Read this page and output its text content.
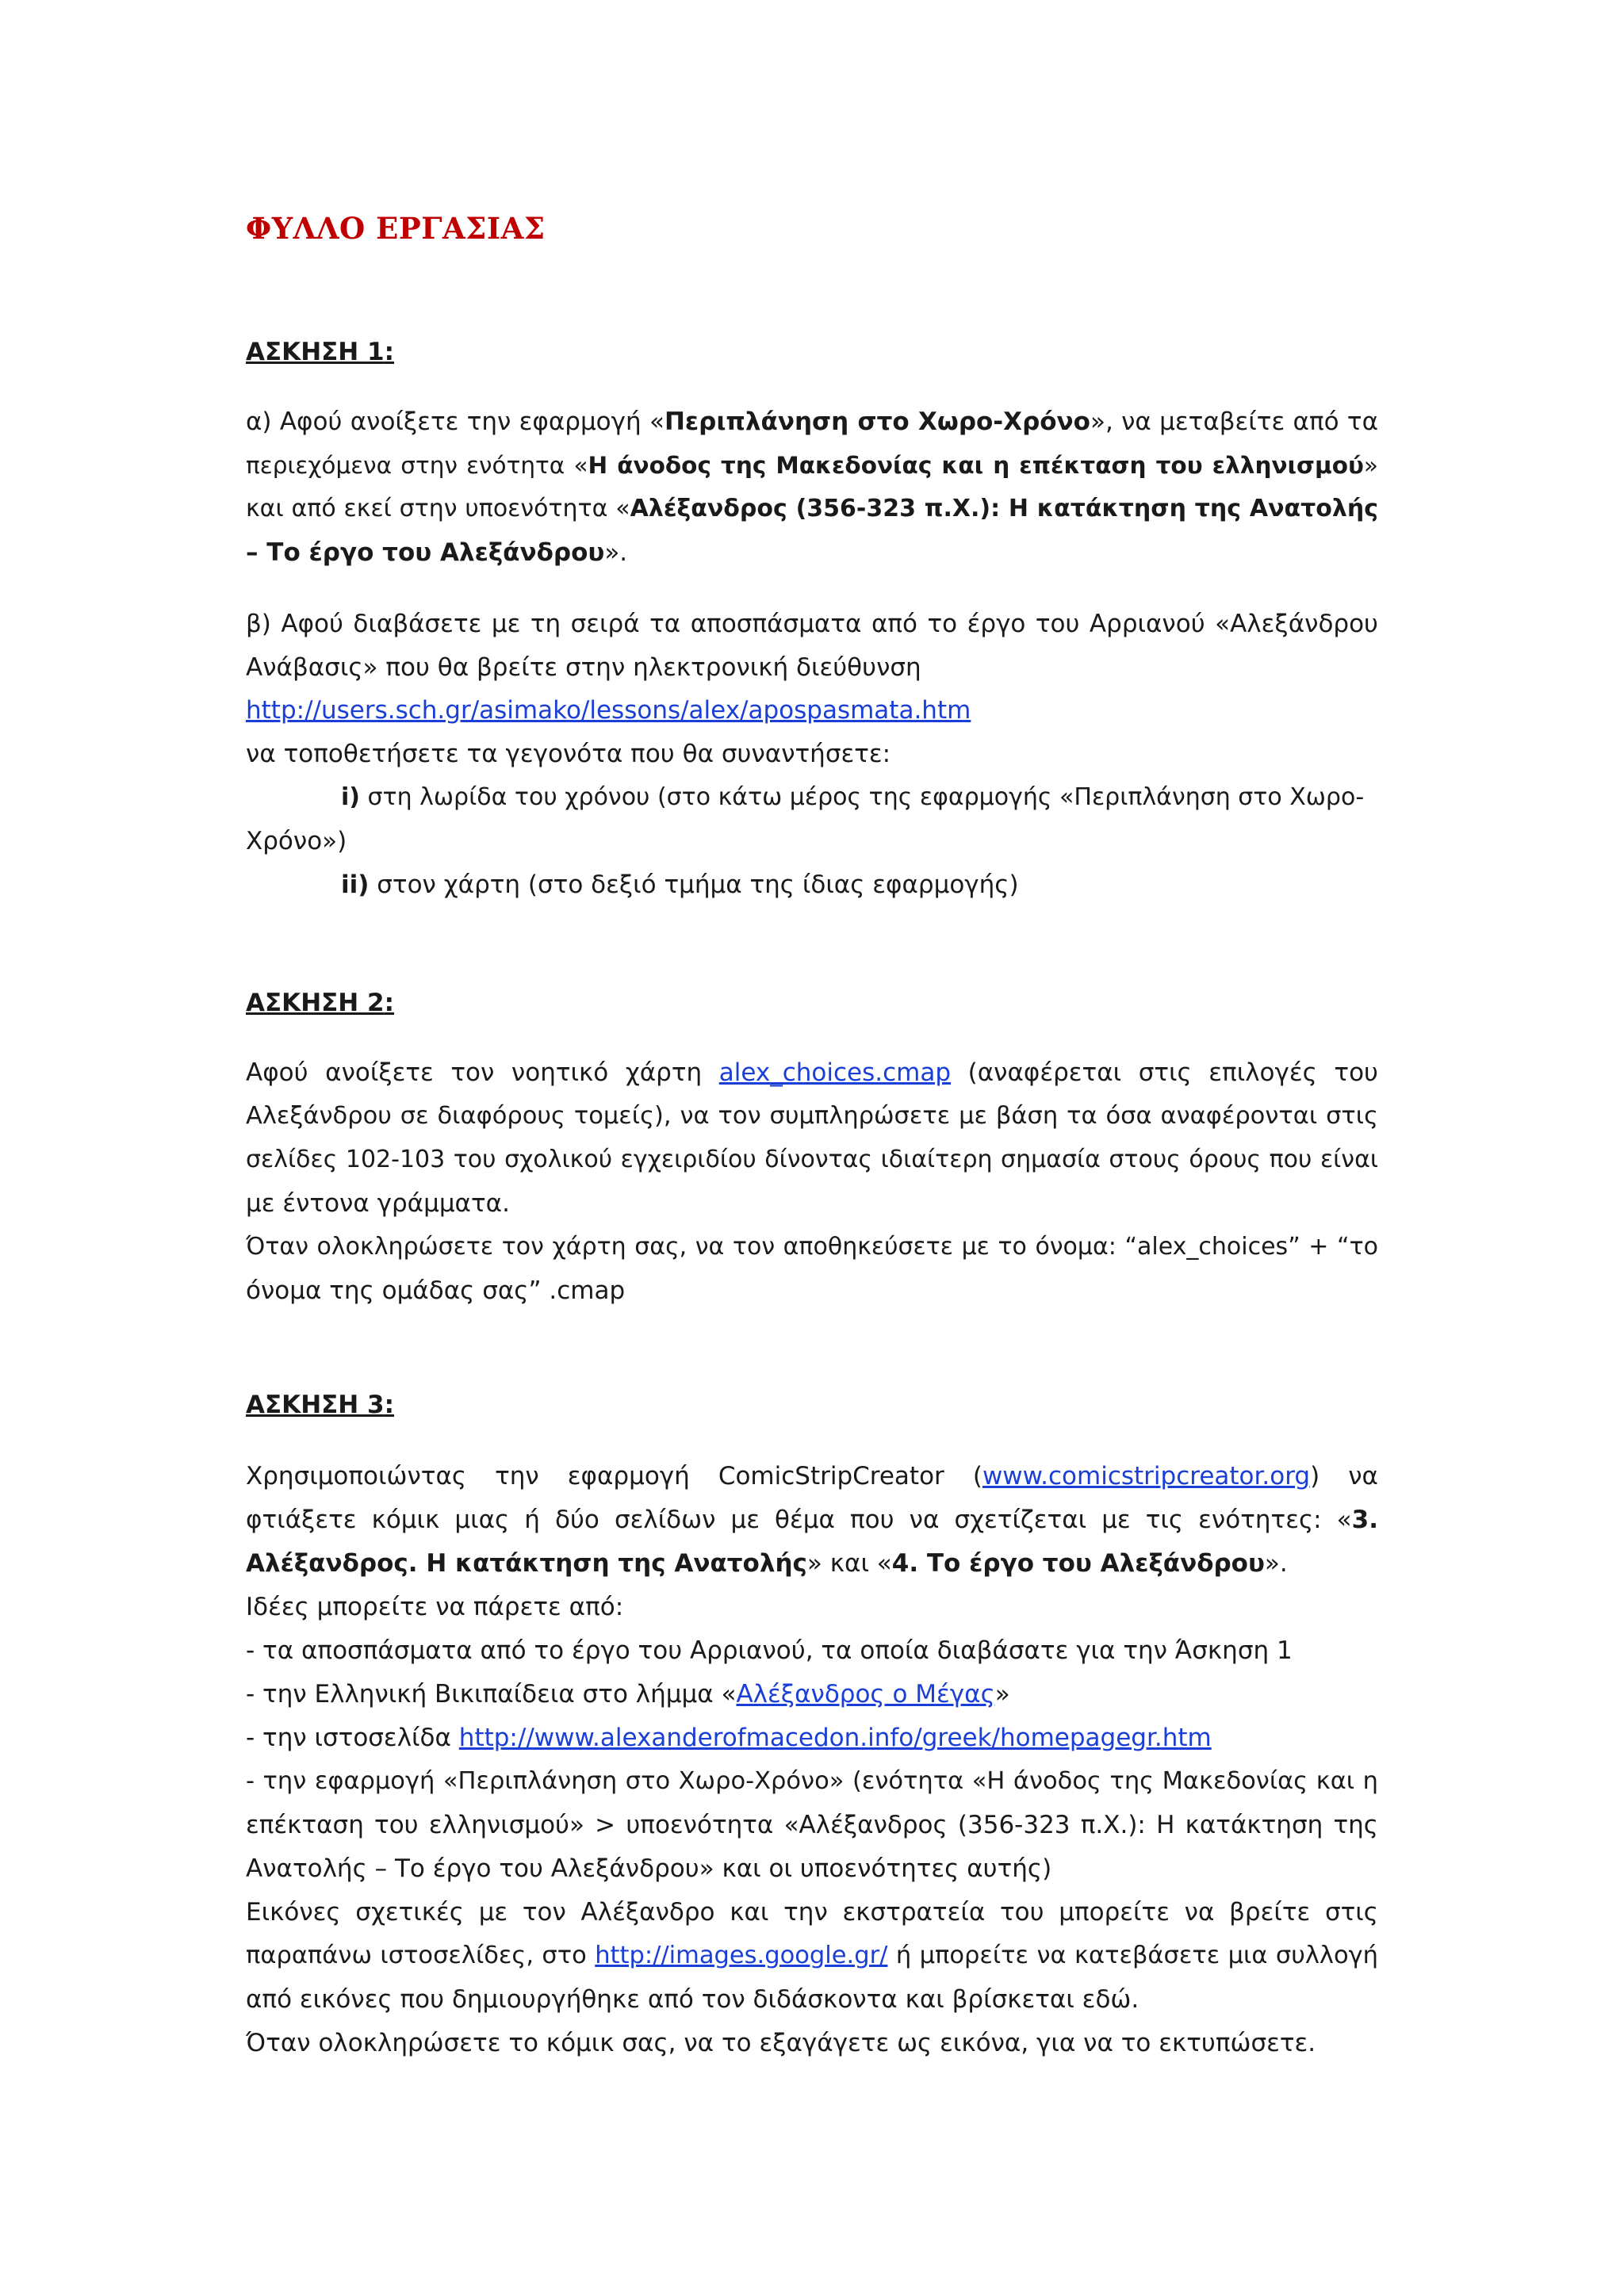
ΦΥΛΛΟ ΕΡΓΑΣΙΑΣ
ΑΣΚΗΣΗ 1:
α) Αφού ανοίξετε την εφαρμογή «Περιπλάνηση στο Χωρο-Χρόνο», να μεταβείτε από τα
περιεχόμενα στην ενότητα «Η άνοδος της Μακεδονίας και η επέκταση του ελληνισμού»
και από εκεί στην υποενότητα «Αλέξανδρος (356-323 π.Χ.): Η κατάκτηση της Ανατολής
– Το έργο του Αλεξάνδρου».
β) Αφού διαβάσετε με τη σειρά τα αποσπάσματα από το έργο του Αρριανού «Αλεξάνδρου
Ανάβασις» που θα βρείτε στην ηλεκτρονική διεύθυνση
http://users.sch.gr/asimako/lessons/alex/apospasmata.htm
να τοποθετήσετε τα γεγονότα που θα συναντήσετε:
i) στη λωρίδα του χρόνου (στο κάτω μέρος της εφαρμογής «Περιπλάνηση στο Χωρο-
Χρόνο»)
ii) στον χάρτη (στο δεξιό τμήμα της ίδιας εφαρμογής)
ΑΣΚΗΣΗ 2:
Αφού ανοίξετε τον νοητικό χάρτη alex_choices.cmap (αναφέρεται στις επιλογές του
Αλεξάνδρου σε διαφόρους τομείς), να τον συμπληρώσετε με βάση τα όσα αναφέρονται στις
σελίδες 102-103 του σχολικού εγχειριδίου δίνοντας ιδιαίτερη σημασία στους όρους που είναι
με έντονα γράμματα.
Όταν ολοκληρώσετε τον χάρτη σας, να τον αποθηκεύσετε με το όνομα: “alex_choices” + “το
όνομα της ομάδας σας” .cmap
ΑΣΚΗΣΗ 3:
Χρησιμοποιώντας την εφαρμογή ComicStripCreator (www.comicstripcreator.org) να
φτιάξετε κόμικ μιας ή δύο σελίδων με θέμα που να σχετίζεται με τις ενότητες: «3.
Αλέξανδρος. Η κατάκτηση της Ανατολής» και «4. Το έργο του Αλεξάνδρου».
Ιδέες μπορείτε να πάρετε από:
- τα αποσπάσματα από το έργο του Αρριανού, τα οποία διαβάσατε για την Άσκηση 1
- την Ελληνική Βικιπαίδεια στο λήμμα «Αλέξανδρος ο Μέγας»
- την ιστοσελίδα http://www.alexanderofmacedon.info/greek/homepagegr.htm
- την εφαρμογή «Περιπλάνηση στο Χωρο-Χρόνο» (ενότητα «Η άνοδος της Μακεδονίας και η
επέκταση του ελληνισμού» > υποενότητα «Αλέξανδρος (356-323 π.Χ.): Η κατάκτηση της
Ανατολής – Το έργο του Αλεξάνδρου» και οι υποενότητες αυτής)
Εικόνες σχετικές με τον Αλέξανδρο και την εκστρατεία του μπορείτε να βρείτε στις
παραπάνω ιστοσελίδες, στο http://images.google.gr/ ή μπορείτε να κατεβάσετε μια συλλογή
από εικόνες που δημιουργήθηκε από τον διδάσκοντα και βρίσκεται εδώ.
Όταν ολοκληρώσετε το κόμικ σας, να το εξαγάγετε ως εικόνα, για να το εκτυπώσετε.
